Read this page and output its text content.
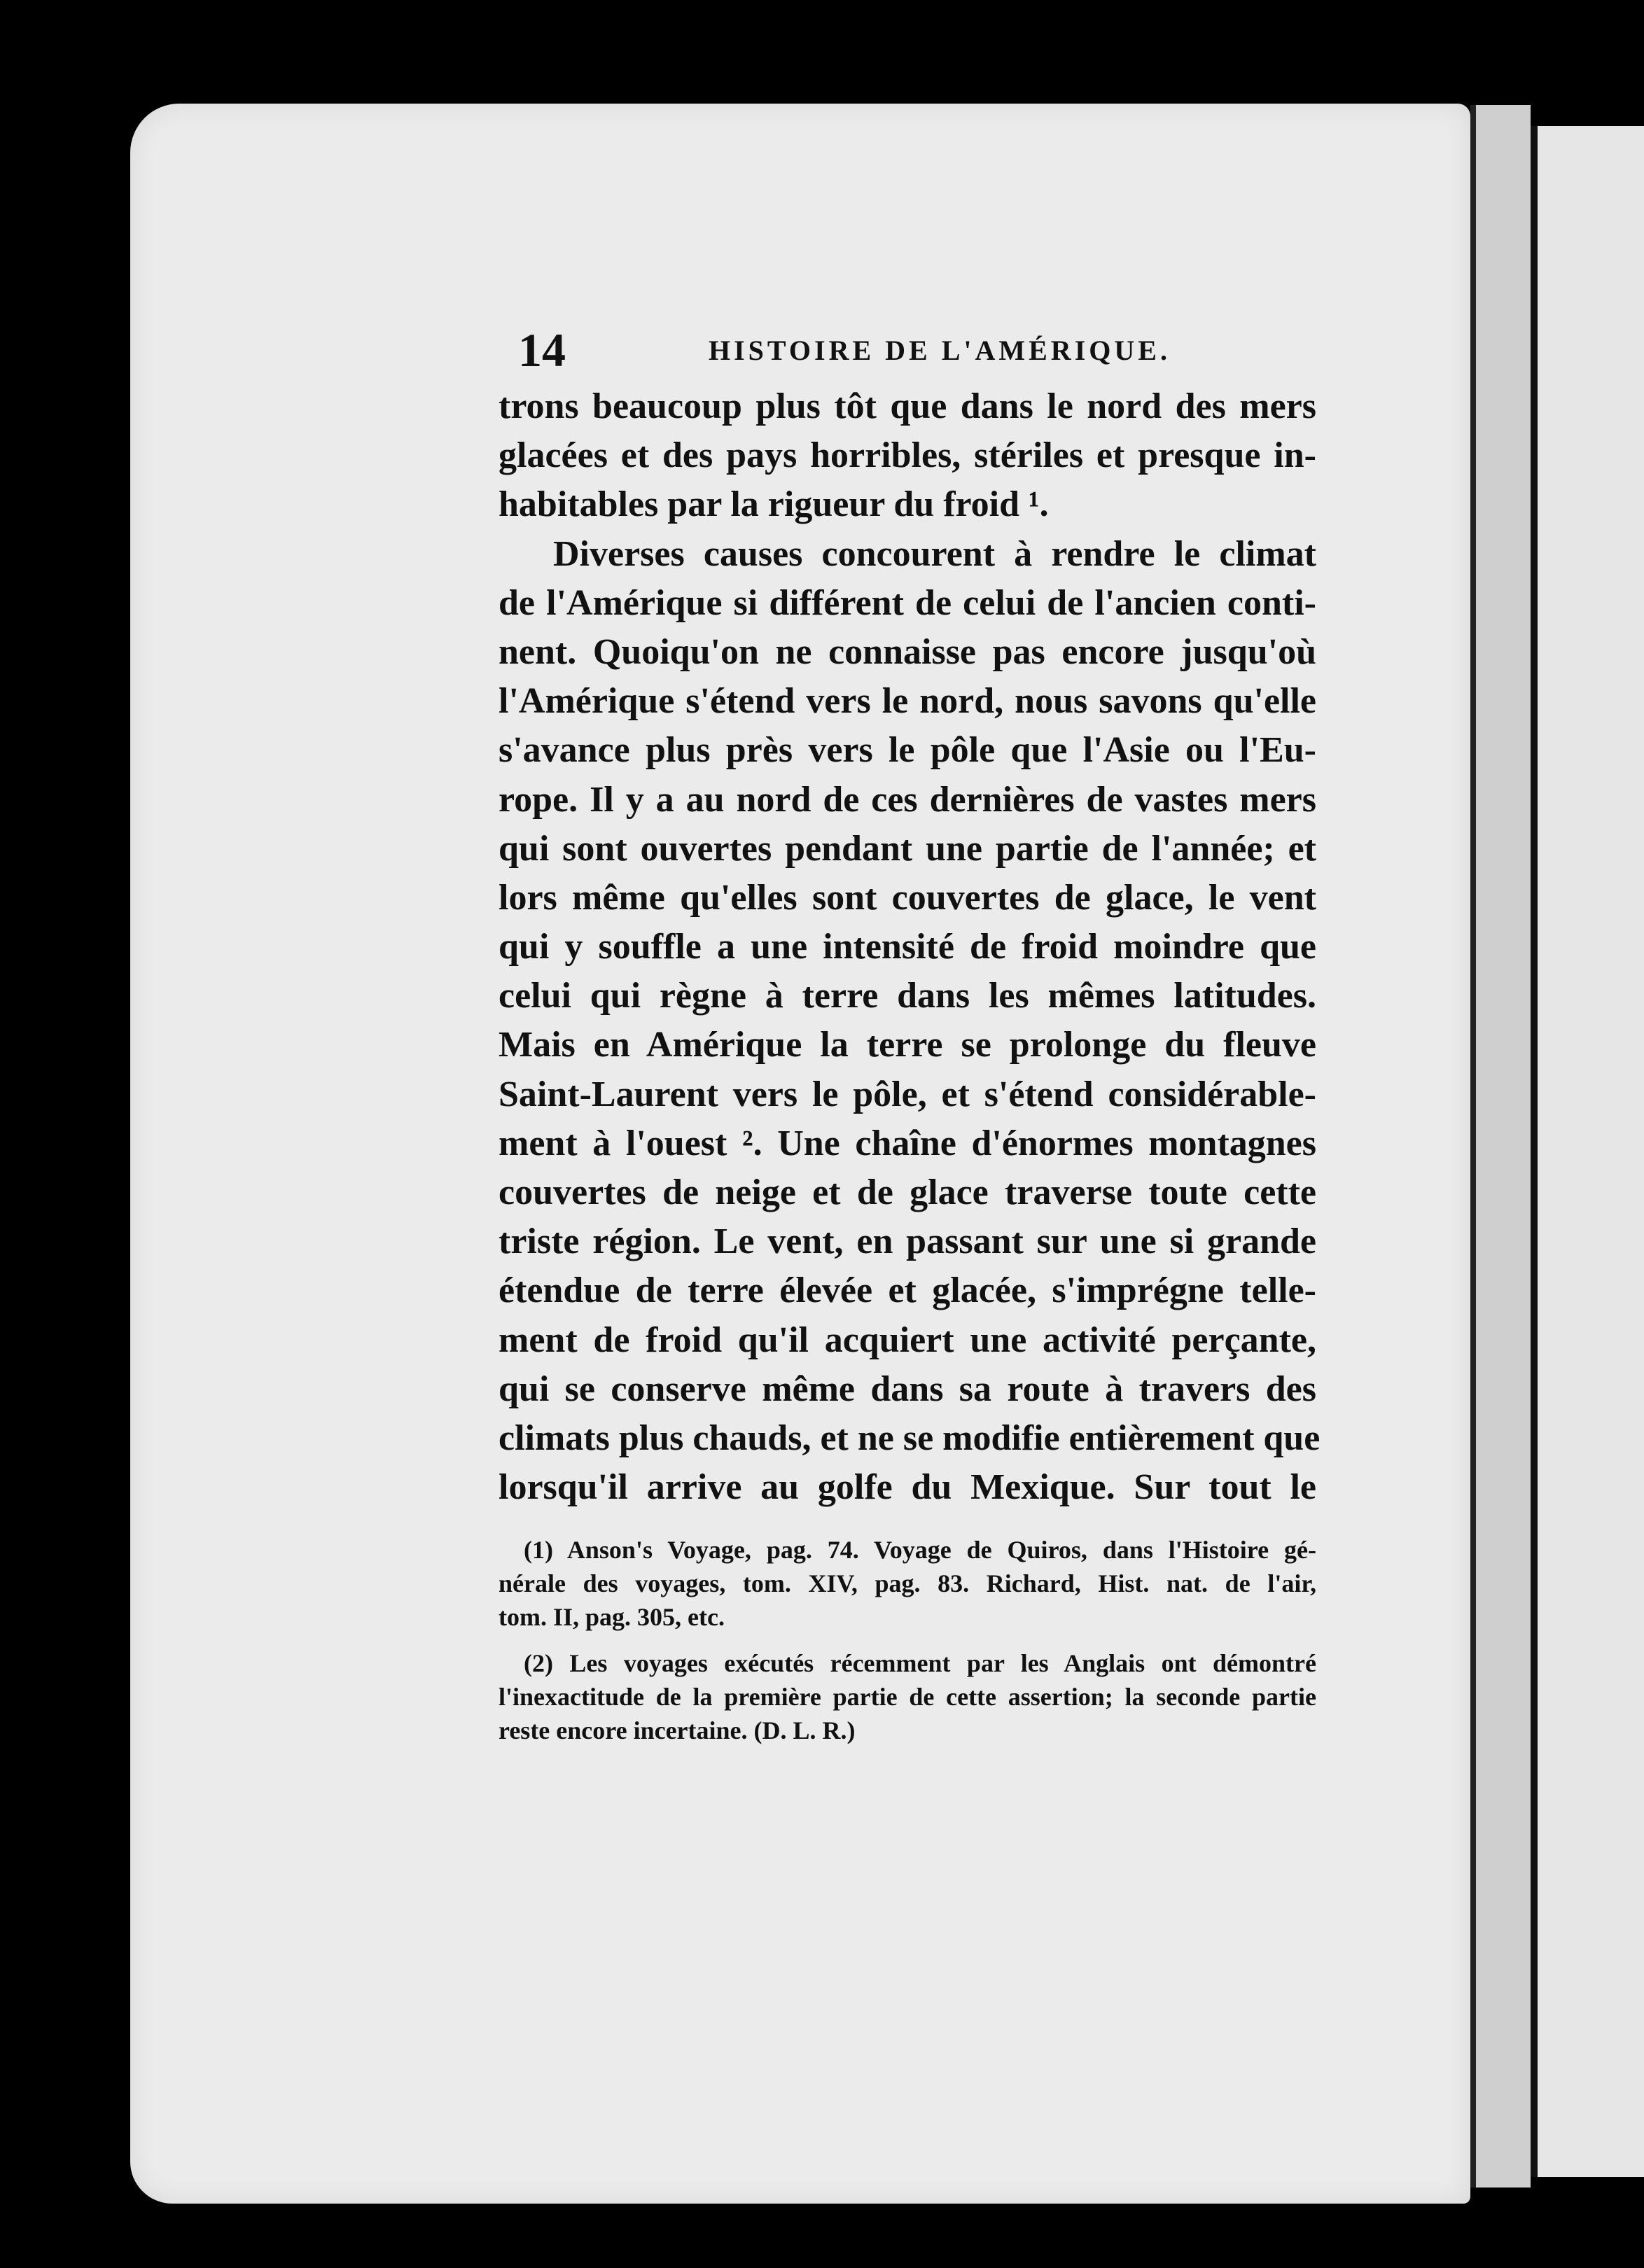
14	HISTOIRE DE L'AMÉRIQUE.
trons beaucoup plus tôt que dans le nord des mers
glacées et des pays horribles, stériles et presque in-
habitables par la rigueur du froid ¹.
Diverses causes concourent à rendre le climat
de l'Amérique si différent de celui de l'ancien conti-
nent. Quoiqu'on ne connaisse pas encore jusqu'où
l'Amérique s'étend vers le nord, nous savons qu'elle
s'avance plus près vers le pôle que l'Asie ou l'Eu-
rope. Il y a au nord de ces dernières de vastes mers
qui sont ouvertes pendant une partie de l'année; et
lors même qu'elles sont couvertes de glace, le vent
qui y souffle a une intensité de froid moindre que
celui qui règne à terre dans les mêmes latitudes.
Mais en Amérique la terre se prolonge du fleuve
Saint-Laurent vers le pôle, et s'étend considérable-
ment à l'ouest ². Une chaîne d'énormes montagnes
couvertes de neige et de glace traverse toute cette
triste région. Le vent, en passant sur une si grande
étendue de terre élevée et glacée, s'imprégne telle-
ment de froid qu'il acquiert une activité perçante,
qui se conserve même dans sa route à travers des
climats plus chauds, et ne se modifie entièrement que
lorsqu'il arrive au golfe du Mexique. Sur tout le
(1) Anson's Voyage, pag. 74. Voyage de Quiros, dans l'Histoire gé-
nérale des voyages, tom. XIV, pag. 83. Richard, Hist. nat. de l'air,
tom. II, pag. 305, etc.
(2) Les voyages exécutés récemment par les Anglais ont démontré
l'inexactitude de la première partie de cette assertion; la seconde partie
reste encore incertaine. (D. L. R.)
